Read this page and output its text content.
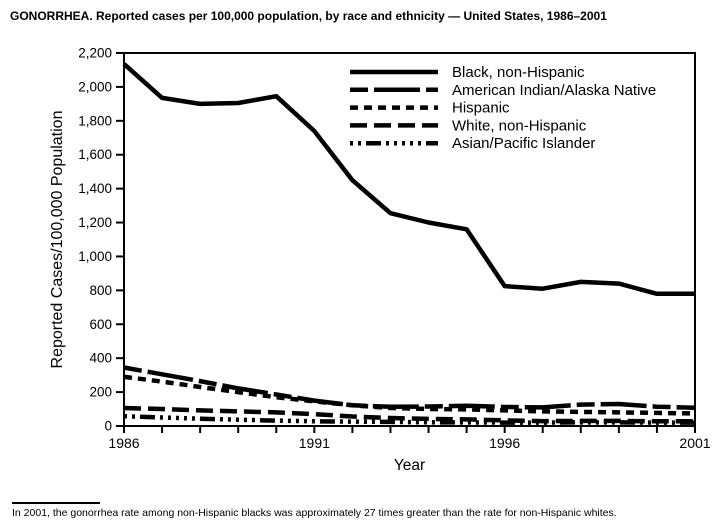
GONORRHEA. Reported cases per 100,000 population, by race and ethnicity — United States, 1986–2001
0
200
400
600
800
1,000
1,200
1,400
1,600
1,800
2,000
2,200
1986	1991	1996	2001
Reported Cases/100,000 Population
Year
Black, non-Hispanic
American Indian/Alaska Native
Hispanic
White, non-Hispanic
Asian/Pacific Islander
In 2001, the gonorrhea rate among non-Hispanic blacks was approximately 27 times greater than the rate for non-Hispanic whites.
